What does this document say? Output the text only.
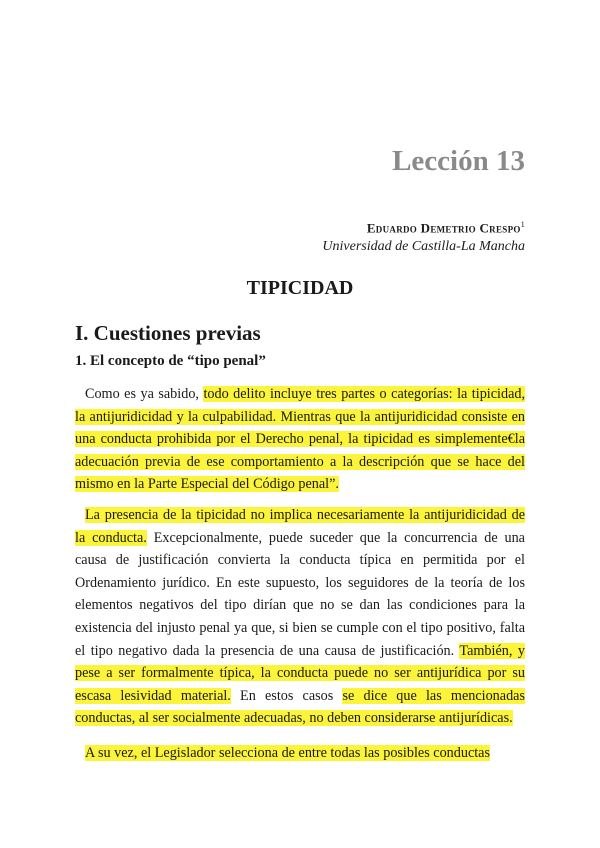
Lección 13

Eduardo Demetrio Crespo$^1$

Universidad de Castilla-La Mancha

TIPICIDAD
I. Cuestiones previas
1. El concepto de “tipo penal”

Como es ya sabido, todo delito incluye tres partes o categorías: la tipicidad, la antijuridicidad y la culpabilidad. Mientras que la antijuridicidad consiste en una conducta prohibida por el Derecho penal, la tipicidad es simplemente€la adecuación previa de ese comportamiento a la descripción que se hace del mismo en la Parte Especial del Código penal”.

La presencia de la tipicidad no implica necesariamente la antijuridicidad de la conducta. Excepcionalmente, puede suceder que la concurrencia de una causa de justificación convierta la conducta típica en permitida por el Ordenamiento jurídico. En este supuesto, los seguidores de la teoría de los elementos negativos del tipo dirían que no se dan las condiciones para la existencia del injusto penal ya que, si bien se cumple con el tipo positivo, falta el tipo negativo dada la presencia de una causa de justificación. También, y pese a ser formalmente típica, la conducta puede no ser antijurídica por su escasa lesividad material. En estos casos se dice que las mencionadas conductas, al ser socialmente adecuadas, no deben considerarse antijurídicas.

A su vez, el Legislador selecciona de entre todas las posibles conductas
